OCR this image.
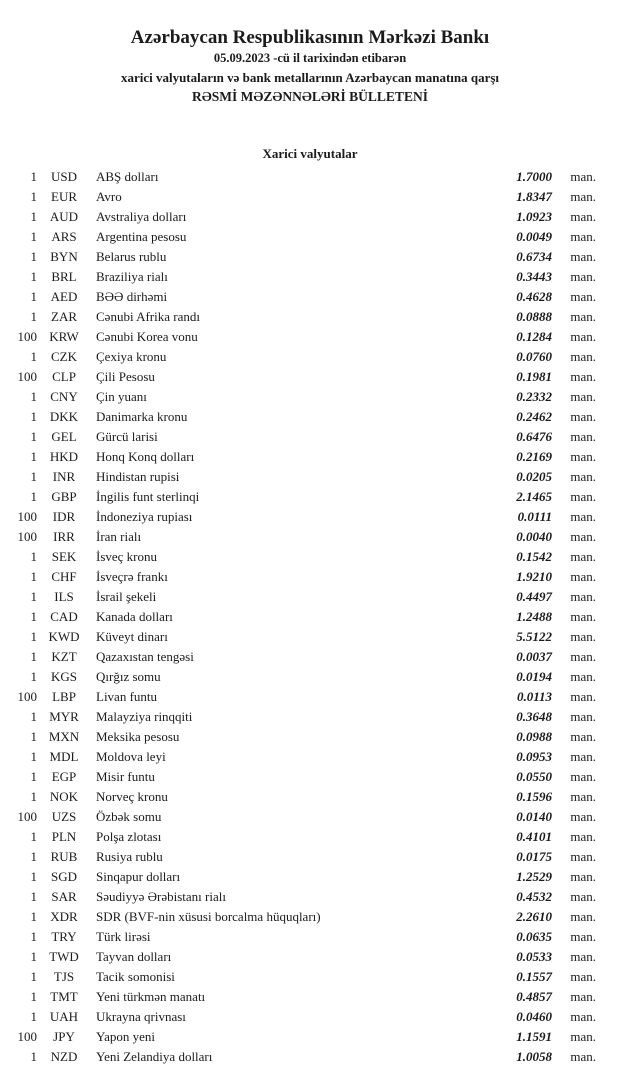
Azərbaycan Respublikasının Mərkəzi Bankı
05.09.2023 -cü il tarixindən etibarən
xarici valyutaların və bank metallarının Azərbaycan manatına qarşı
RƏSMİ MƏZƏNNƏLƏRİ BÜLLETENİ
Xarici valyutalar
1	USD	ABŞ dolları	1.7000	man.
1	EUR	Avro	1.8347	man.
1 AUD	Avstraliya dolları	1.0923	man.
1	ARS	Argentina pesosu	0.0049	man.
1	BYN	Belarus rublu	0.6734	man.
1	BRL	Braziliya rialı	0.3443	man.
1	AED	BƏƏ dirhəmi	0.4628	man.
1	ZAR	Cənubi Afrika randı	0.0888	man.
100 KRW	Cənubi Korea vonu	0.1284	man.
1	CZK	Çexiya kronu	0.0760	man.
100	CLP	Çili Pesosu	0.1981	man.
1	CNY	Çin yuanı	0.2332	man.
1 DKK	Danimarka kronu	0.2462	man.
1	GEL	Gürcü larisi	0.6476	man.
1 HKD	Honq Konq dolları	0.2169	man.
1	INR	Hindistan rupisi	0.0205	man.
1	GBP	İngilis funt sterlinqi	2.1465	man.
100	IDR	İndoneziya rupiası	0.0111	man.
100	IRR	İran rialı	0.0040	man.
1	SEK	İsveç kronu	0.1542	man.
1	CHF	İsveçrə frankı	1.9210	man.
1	ILS	İsrail şekeli	0.4497	man.
1	CAD	Kanada dolları	1.2488	man.
1 KWD	Küveyt dinarı	5.5122	man.
1	KZT	Qazaxıstan tengəsi	0.0037	man.
1	KGS	Qırğız somu	0.0194	man.
100	LBP	Livan funtu	0.0113	man.
1 MYR	Malayziya rinqqiti	0.3648	man.
1 MXN	Meksika pesosu	0.0988	man.
1 MDL	Moldova leyi	0.0953	man.
1	EGP	Misir funtu	0.0550	man.
1 NOK	Norveç kronu	0.1596	man.
100	UZS	Özbək somu	0.0140	man.
1	PLN	Polşa zlotası	0.4101	man.
1	RUB	Rusiya rublu	0.0175	man.
1	SGD	Sinqapur dolları	1.2529	man.
1	SAR	Səudiyyə Ərəbistanı rialı	0.4532	man.
1	XDR	SDR (BVF-nin xüsusi borcalma hüquqları)	2.2610	man.
1	TRY	Türk lirəsi	0.0635	man.
1 TWD	Tayvan dolları	0.0533	man.
1	TJS	Tacik somonisi	0.1557	man.
1	TMT	Yeni türkmən manatı	0.4857	man.
1 UAH	Ukrayna qrivnası	0.0460	man.
100	JPY	Yapon yeni	1.1591	man.
1	NZD	Yeni Zelandiya dolları	1.0058	man.
